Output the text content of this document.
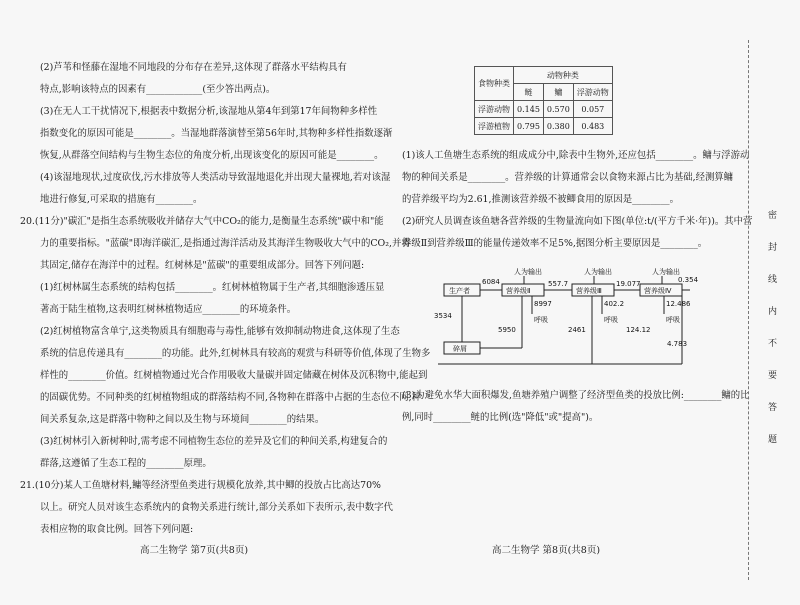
(2)芦苇和怪藤在湿地不同地段的分布存在差异,这体现了群落水平结构具有
特点,影响该特点的因素有____________(至少答出两点)。
(3)在无人工干扰情况下,根据表中数据分析,该湿地从第4年到第17年间物种多样性
指数变化的原因可能是________。当湿地群落演替至第56年时,其物种多样性指数逐渐
恢复,从群落空间结构与生物生态位的角度分析,出现该变化的原因可能是________。
(4)该湿地现状,过度砍伐,污水排放等人类活动导致湿地退化并出现大量裸地,若对该湿
地进行修复,可采取的措施有________。
20.(11分)"碳汇"是指生态系统吸收并储存大气中CO₂的能力,是衡量生态系统"碳中和"能
力的重要指标。"蓝碳"即海洋碳汇,是指通过海洋活动及其海洋生物吸收大气中的CO₂,并将
其固定,储存在海洋中的过程。红树林是"蓝碳"的重要组成部分。回答下列问题:
(1)红树林属生态系统的结构包括________。红树林植物属于生产者,其细胞渗透压显
著高于陆生植物,这表明红树林植物适应________的环境条件。
(2)红树植物富含单宁,这类物质具有细胞毒与毒性,能够有效抑制动物进食,这体现了生态
系统的信息传递具有________的功能。此外,红树林具有较高的观赏与科研等价值,体现了生物多
样性的________价值。红树植物通过光合作用吸收大量碳并固定储藏在树体及沉积物中,能起到
的固碳优势。不同种类的红树植物组成的群落结构不同,各物种在群落中占据的生态位不同,种
间关系复杂,这是群落中物种之间以及生物与环境间________的结果。
(3)红树林引入新树种时,需考虑不同植物生态位的差异及它们的种间关系,构建复合的
群落,这遵循了生态工程的________原理。
21.(10分)某人工鱼塘材料,鳙等经济型鱼类进行规模化放养,其中鲫的投放占比高达70%
以上。研究人员对该生态系统内的食物关系进行统计,部分关系如下表所示,表中数字代
表相应物的取食比例。回答下列问题:
高二生物学 第7页(共8页)
食物种类	动物种类		
	鲢	鳙	浮游动物
浮游动物	0.145	0.570	0.057
浮游植物	0.795	0.380	0.483
(1)该人工鱼塘生态系统的组成成分中,除表中生物外,还应包括________。鳙与浮游动
物的种间关系是________。营养级的计算通常会以食物来源占比为基础,经测算鳙
的营养级平均为2.61,推测该营养级不被鲫食用的原因是________。
(2)研究人员调查该鱼塘各营养级的生物量流向如下图(单位:t/(平方千米·年))。其中营
养级Ⅱ到营养级Ⅲ的能量传递效率不足5%,据图分析主要原因是________。
生产者
碎屑
营养级Ⅱ	营养级Ⅲ	营养级Ⅳ
人为输出	人为输出	人为输出
呼吸	呼吸	呼吸
6084
3534
5950
8997
557.7
402.2
2461
19.077	0.354
12.486
124.12
4.783
(3)为避免水华大面积爆发,鱼塘养殖户调整了经济型鱼类的投放比例:________鳙的比
例,同时________鲢的比例(选"降低"或"提高")。
高二生物学 第8页(共8页)
密
封
线
内
不
要
答
题
